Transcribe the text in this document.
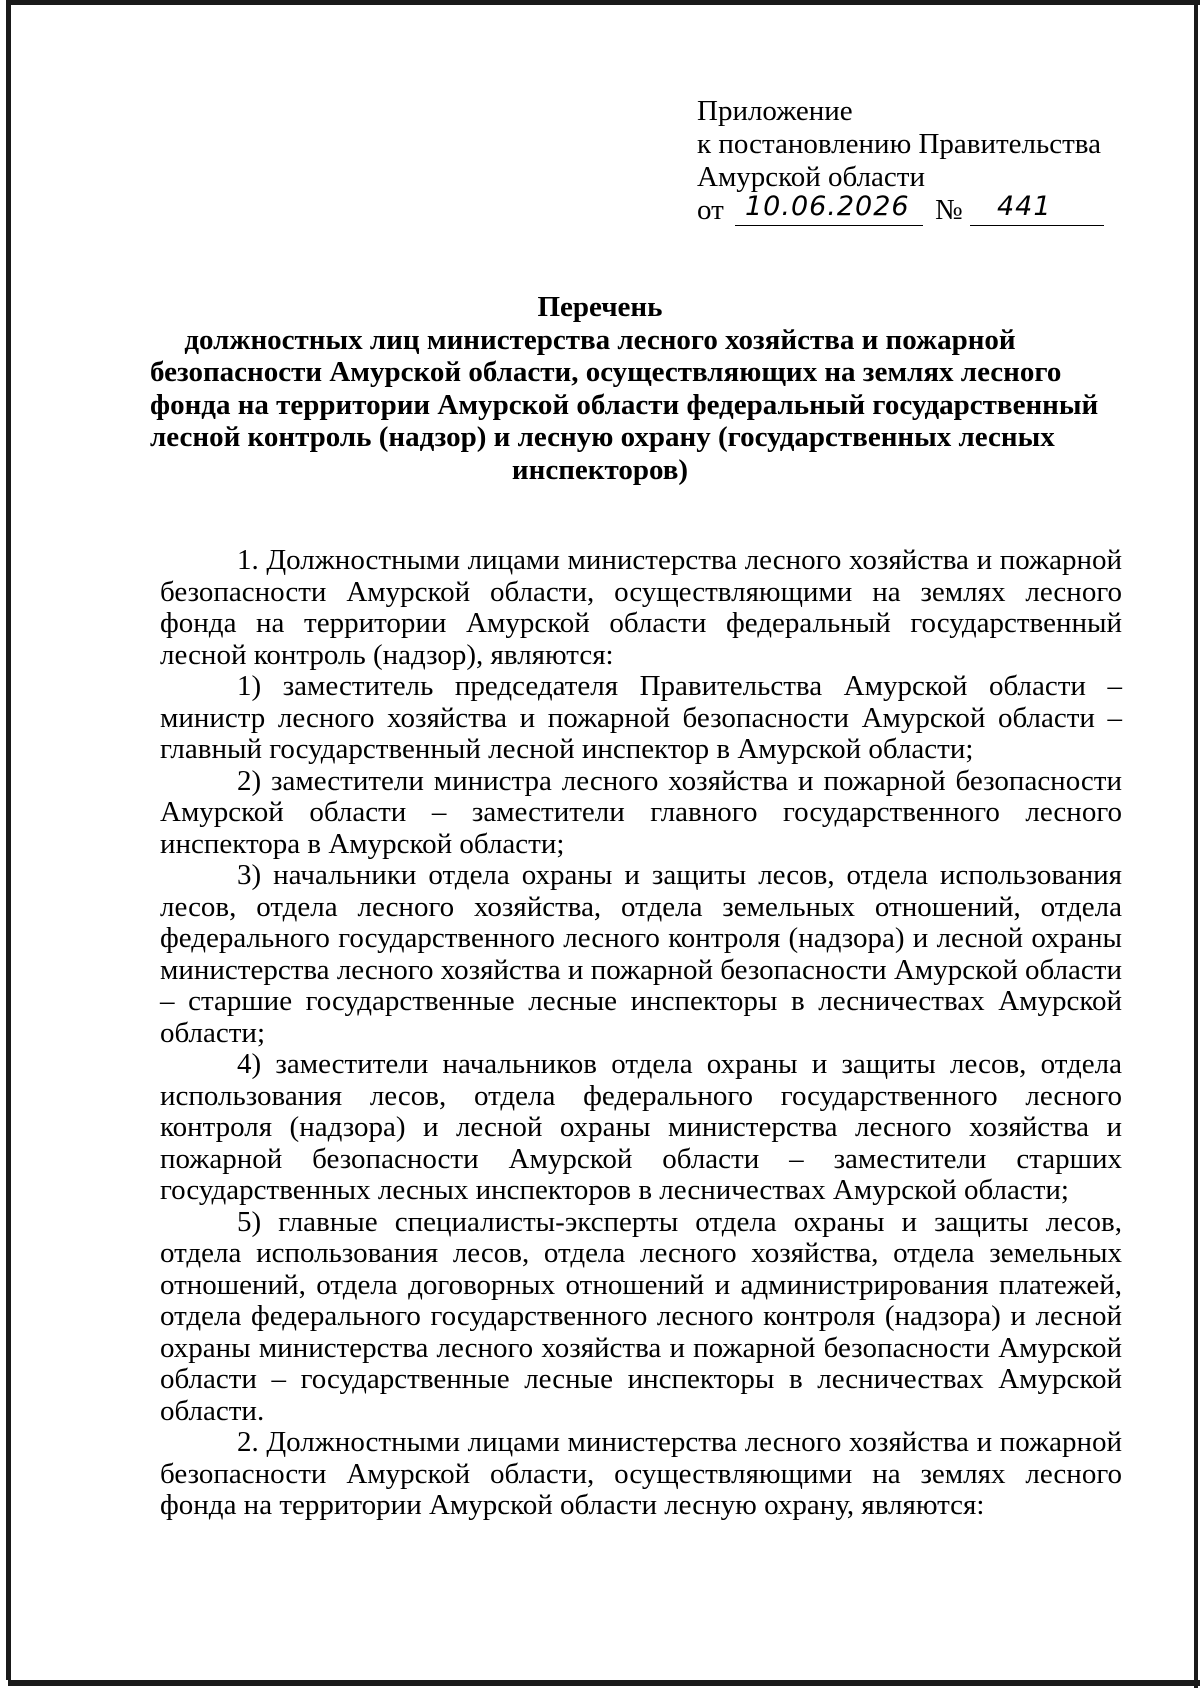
Приложение
к постановлению Правительства
Амурской области
от 10.06.2026 № 441
Перечень
должностных лиц министерства лесного хозяйства и пожарной
безопасности Амурской области, осуществляющих на землях лесного
фонда на территории Амурской области федеральный государственный
лесной контроль (надзор) и лесную охрану (государственных лесных
инспекторов)

1. Должностными лицами министерства лесного хозяйства и пожарной безопасности Амурской области, осуществляющими на землях лесного фонда на территории Амурской области федеральный государственный лесной контроль (надзор), являются:

1) заместитель председателя Правительства Амурской области – министр лесного хозяйства и пожарной безопасности Амурской области – главный государственный лесной инспектор в Амурской области;

2) заместители министра лесного хозяйства и пожарной безопасности Амурской области – заместители главного государственного лесного инспектора в Амурской области;

3) начальники отдела охраны и защиты лесов, отдела использования лесов, отдела лесного хозяйства, отдела земельных отношений, отдела федерального государственного лесного контроля (надзора) и лесной охраны министерства лесного хозяйства и пожарной безопасности Амурской области – старшие государственные лесные инспекторы в лесничествах Амурской области;

4) заместители начальников отдела охраны и защиты лесов, отдела использования лесов, отдела федерального государственного лесного контроля (надзора) и лесной охраны министерства лесного хозяйства и пожарной безопасности Амурской области – заместители старших государственных лесных инспекторов в лесничествах Амурской области;

5) главные специалисты-эксперты отдела охраны и защиты лесов, отдела использования лесов, отдела лесного хозяйства, отдела земельных отношений, отдела договорных отношений и администрирования платежей, отдела федерального государственного лесного контроля (надзора) и лесной охраны министерства лесного хозяйства и пожарной безопасности Амурской области – государственные лесные инспекторы в лесничествах Амурской области.

2. Должностными лицами министерства лесного хозяйства и пожарной безопасности Амурской области, осуществляющими на землях лесного фонда на территории Амурской области лесную охрану, являются:
